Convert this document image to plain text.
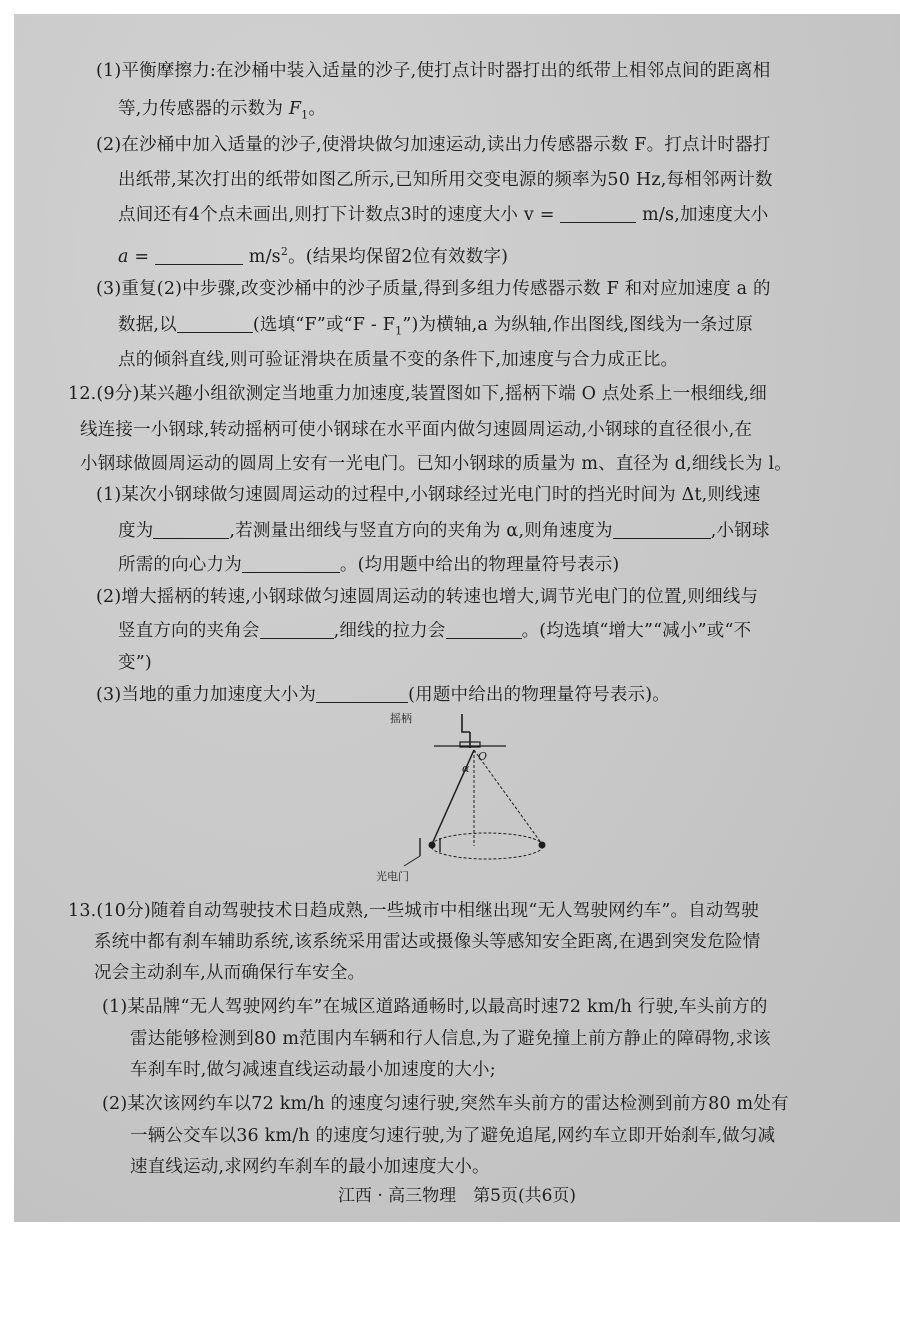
(1)平衡摩擦力:在沙桶中装入适量的沙子,使打点计时器打出的纸带上相邻点间的距离相
等,力传感器的示数为 $F_1$。
(2)在沙桶中加入适量的沙子,使滑块做匀加速运动,读出力传感器示数 F。打点计时器打
出纸带,某次打出的纸带如图乙所示,已知所用交变电源的频率为50 Hz,每相邻两计数
点间还有4个点未画出,则打下计数点3时的速度大小 v =	m/s,加速度大小
a =	$m/s^2$。(结果均保留2位有效数字)
(3)重复(2)中步骤,改变沙桶中的沙子质量,得到多组力传感器示数 F 和对应加速度 a 的
数据,以	(选填“F”或“F - $F_1$”)为横轴,a 为纵轴,作出图线,图线为一条过原
点的倾斜直线,则可验证滑块在质量不变的条件下,加速度与合力成正比。
12.(9分)某兴趣小组欲测定当地重力加速度,装置图如下,摇柄下端 O 点处系上一根细线,细
线连接一小钢球,转动摇柄可使小钢球在水平面内做匀速圆周运动,小钢球的直径很小,在
小钢球做圆周运动的圆周上安有一光电门。已知小钢球的质量为 m、直径为 d,细线长为 l。
(1)某次小钢球做匀速圆周运动的过程中,小钢球经过光电门时的挡光时间为 Δt,则线速
度为	,若测量出细线与竖直方向的夹角为 α,则角速度为	,小钢球
所需的向心力为	。(均用题中给出的物理量符号表示)
(2)增大摇柄的转速,小钢球做匀速圆周运动的转速也增大,调节光电门的位置,则细线与
竖直方向的夹角会	,细线的拉力会	。(均选填“增大”“减小”或“不
变”)
(3)当地的重力加速度大小为	(用题中给出的物理量符号表示)。
摇柄
O
α
光电门
13.(10分)随着自动驾驶技术日趋成熟,一些城市中相继出现“无人驾驶网约车”。自动驾驶
系统中都有刹车辅助系统,该系统采用雷达或摄像头等感知安全距离,在遇到突发危险情
况会主动刹车,从而确保行车安全。
(1)某品牌“无人驾驶网约车”在城区道路通畅时,以最高时速72 km/h 行驶,车头前方的
雷达能够检测到80 m范围内车辆和行人信息,为了避免撞上前方静止的障碍物,求该
车刹车时,做匀减速直线运动最小加速度的大小;
(2)某次该网约车以72 km/h 的速度匀速行驶,突然车头前方的雷达检测到前方80 m处有
一辆公交车以36 km/h 的速度匀速行驶,为了避免追尾,网约车立即开始刹车,做匀减
速直线运动,求网约车刹车的最小加速度大小。
江西 · 高三物理　第5页(共6页)
